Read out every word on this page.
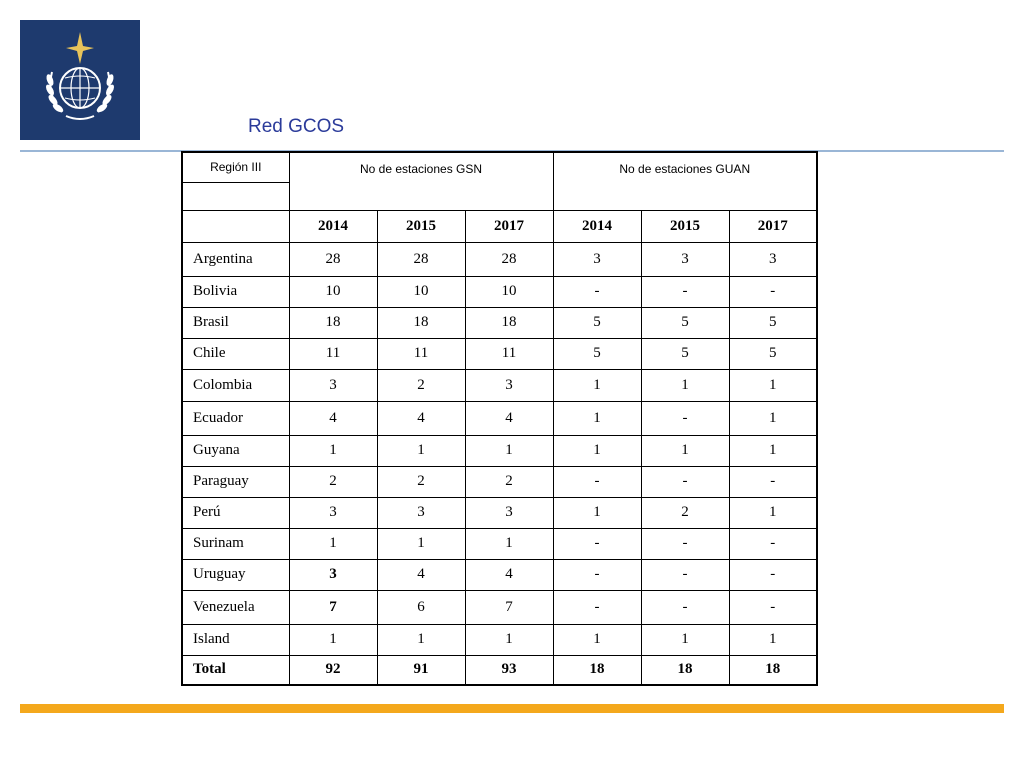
Red GCOS
Región III	No de estaciones GSN			No de estaciones GUAN		

	2014	2015	2017	2014	2015	2017
Argentina	28	28	28	3	3	3
Bolivia	10	10	10	-	-	-
Brasil	18	18	18	5	5	5
Chile	11	11	11	5	5	5
Colombia	3	2	3	1	1	1
Ecuador	4	4	4	1	-	1
Guyana	1	1	1	1	1	1
Paraguay	2	2	2	-	-	-
Perú	3	3	3	1	2	1
Surinam	1	1	1	-	-	-
Uruguay	3	4	4	-	-	-
Venezuela	7	6	7	-	-	-
Island	1	1	1	1	1	1
Total	92	91	93	18	18	18
